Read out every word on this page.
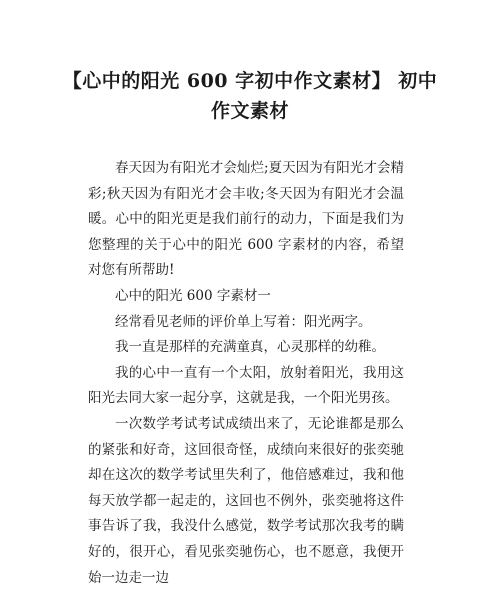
【心中的阳光 600 字初中作文素材】 初中作文素材

春天因为有阳光才会灿烂;夏天因为有阳光才会精彩;秋天因为有阳光才会丰收;冬天因为有阳光才会温暖。心中的阳光更是我们前行的动力，下面是我们为您整理的关于心中的阳光 600 字素材的内容，希望对您有所帮助!

心中的阳光 600 字素材一

经常看见老师的评价单上写着：阳光两字。

我一直是那样的充满童真，心灵那样的幼稚。

我的心中一直有一个太阳，放射着阳光，我用这阳光去同大家一起分享，这就是我，一个阳光男孩。

一次数学考试考试成绩出来了，无论谁都是那么的紧张和好奇，这回很奇怪，成绩向来很好的张奕驰却在这次的数学考试里失利了，他倍感难过，我和他每天放学都一起走的，这回也不例外，张奕驰将这件事告诉了我，我没什么感觉，数学考试那次我考的瞒好的，很开心，看见张奕驰伤心，也不愿意，我便开始一边走一边
